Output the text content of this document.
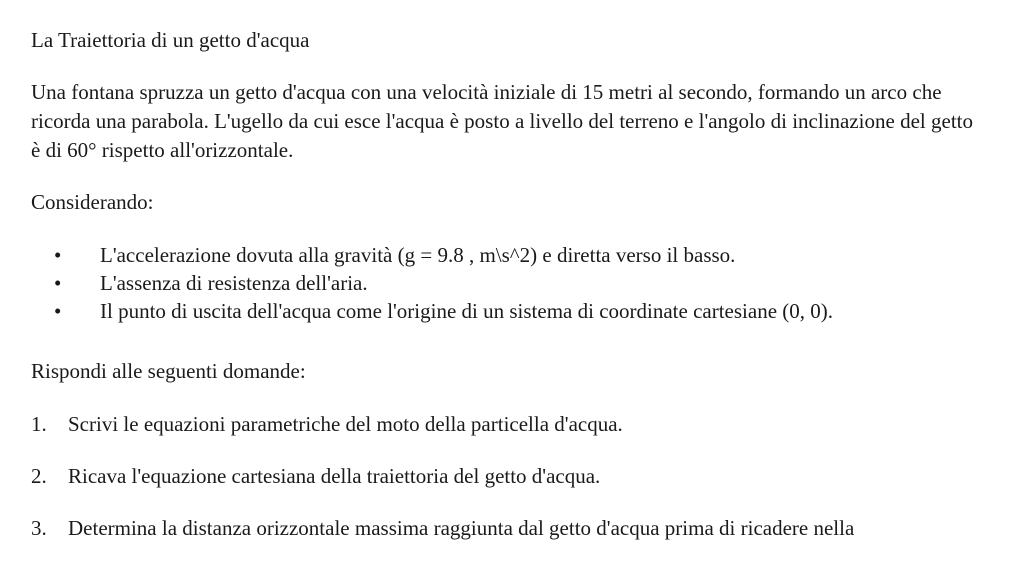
La Traiettoria di un getto d'acqua
Una fontana spruzza un getto d'acqua con una velocità iniziale di 15 metri al secondo, formando un arco che ricorda una parabola. L'ugello da cui esce l'acqua è posto a livello del terreno e l'angolo di inclinazione del getto è di 60° rispetto all'orizzontale.
Considerando:
• L'accelerazione dovuta alla gravità (g = 9.8 , m\s^2) e diretta verso il basso.
• L'assenza di resistenza dell'aria.
• Il punto di uscita dell'acqua come l'origine di un sistema di coordinate cartesiane (0, 0).
Rispondi alle seguenti domande:
1. Scrivi le equazioni parametriche del moto della particella d'acqua.
2. Ricava l'equazione cartesiana della traiettoria del getto d'acqua.
3. Determina la distanza orizzontale massima raggiunta dal getto d'acqua prima di ricadere nella
